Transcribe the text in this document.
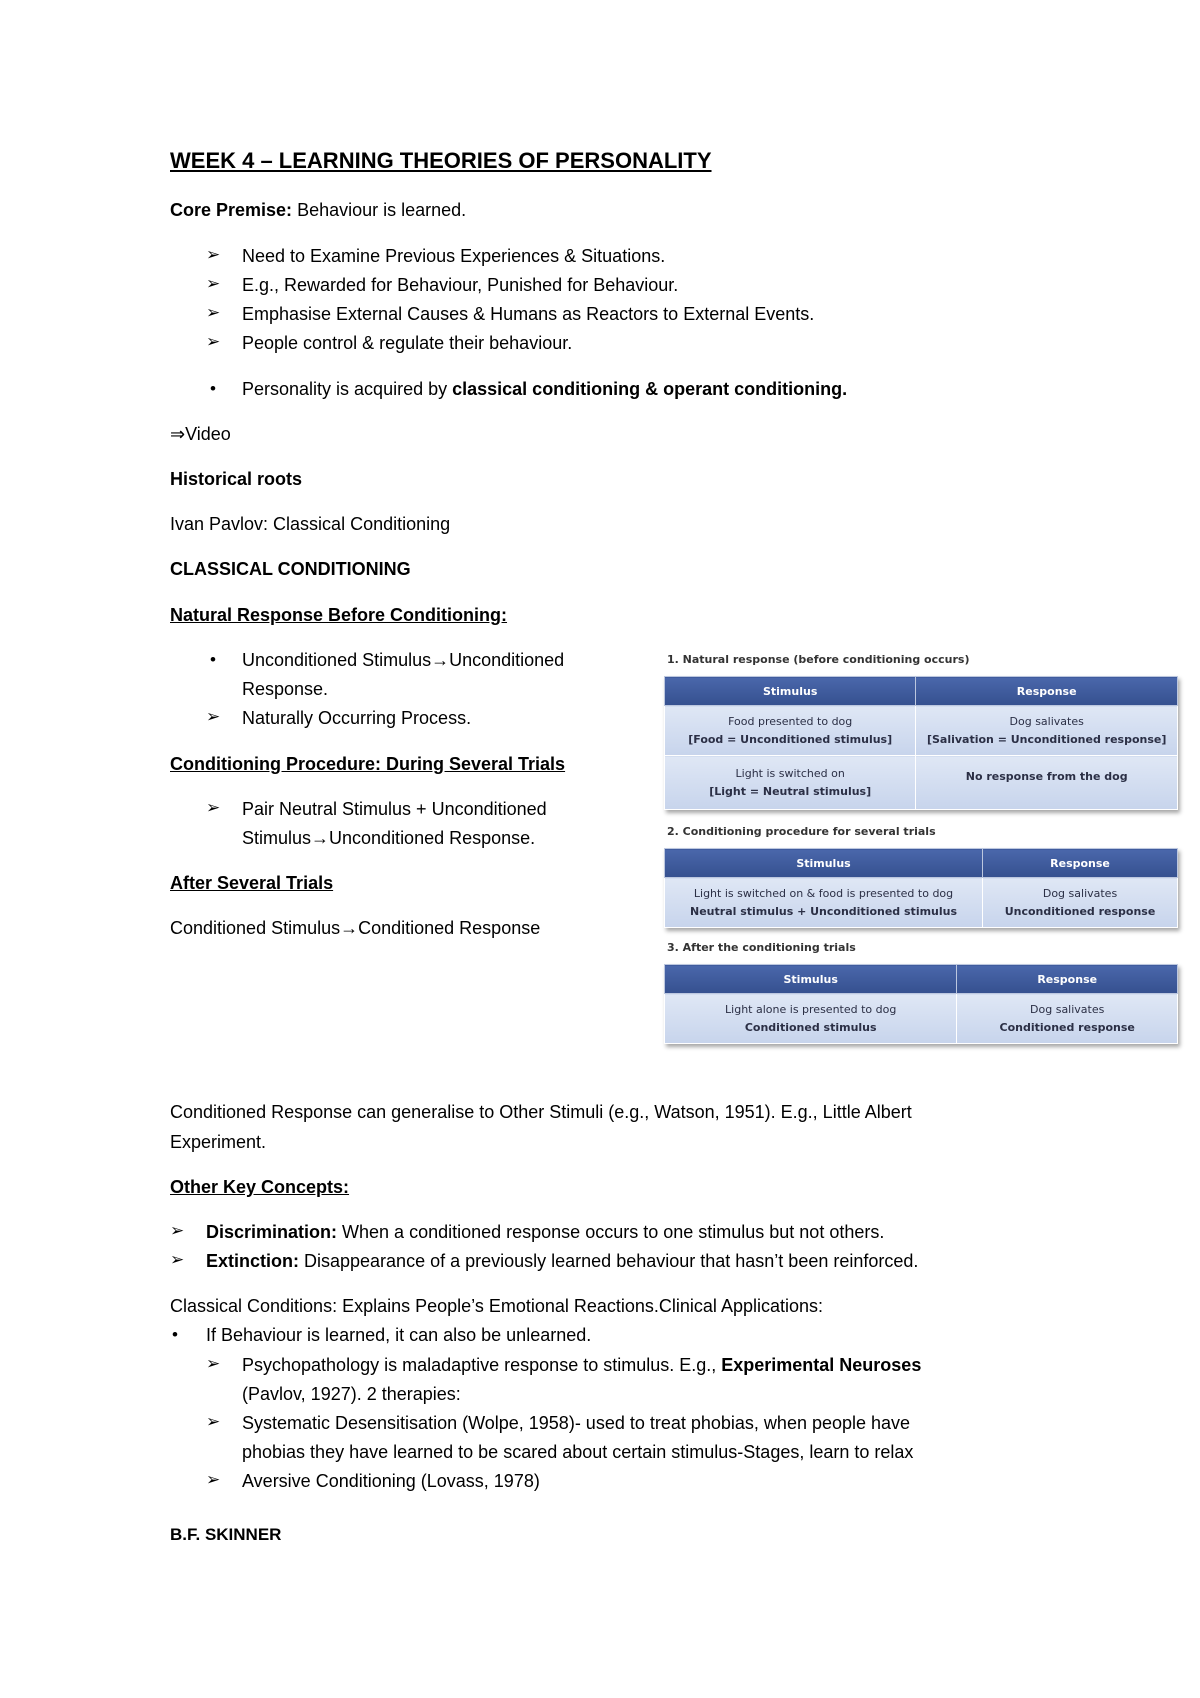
WEEK 4 – LEARNING THEORIES OF PERSONALITY
Core Premise: Behaviour is learned.
➢ Need to Examine Previous Experiences & Situations.
➢ E.g., Rewarded for Behaviour, Punished for Behaviour.
➢ Emphasise External Causes & Humans as Reactors to External Events.
➢ People control & regulate their behaviour.
• Personality is acquired by classical conditioning & operant conditioning.
⇒Video
Historical roots
Ivan Pavlov: Classical Conditioning
CLASSICAL CONDITIONING
Natural Response Before Conditioning:
• Unconditioned Stimulus→Unconditioned
Response.
➢ Naturally Occurring Process.
Conditioning Procedure: During Several Trials
➢ Pair Neutral Stimulus + Unconditioned
Stimulus→Unconditioned Response.
After Several Trials
Conditioned Stimulus→Conditioned Response
1. Natural response (before conditioning occurs)
Stimulus	Response
Food presented to dog
[Food = Unconditioned stimulus]	Dog salivates
[Salivation = Unconditioned response]

Light is switched on
[Light = Neutral stimulus]	No response from the dog
2. Conditioning procedure for several trials
Stimulus	Response
Light is switched on & food is presented to dog
Neutral stimulus + Unconditioned stimulus	Dog salivates
Unconditioned response
3. After the conditioning trials
Stimulus	Response
Light alone is presented to dog
Conditioned stimulus	Dog salivates
Conditioned response
Conditioned Response can generalise to Other Stimuli (e.g., Watson, 1951). E.g., Little Albert
Experiment.
Other Key Concepts:
➢ Discrimination: When a conditioned response occurs to one stimulus but not others.
➢ Extinction: Disappearance of a previously learned behaviour that hasn’t been reinforced.
Classical Conditions: Explains People’s Emotional Reactions.Clinical Applications:
• If Behaviour is learned, it can also be unlearned.
➢ Psychopathology is maladaptive response to stimulus. E.g., Experimental Neuroses
(Pavlov, 1927). 2 therapies:
➢ Systematic Desensitisation (Wolpe, 1958)- used to treat phobias, when people have
phobias they have learned to be scared about certain stimulus-Stages, learn to relax
➢ Aversive Conditioning (Lovass, 1978)
B.F. SKINNER
